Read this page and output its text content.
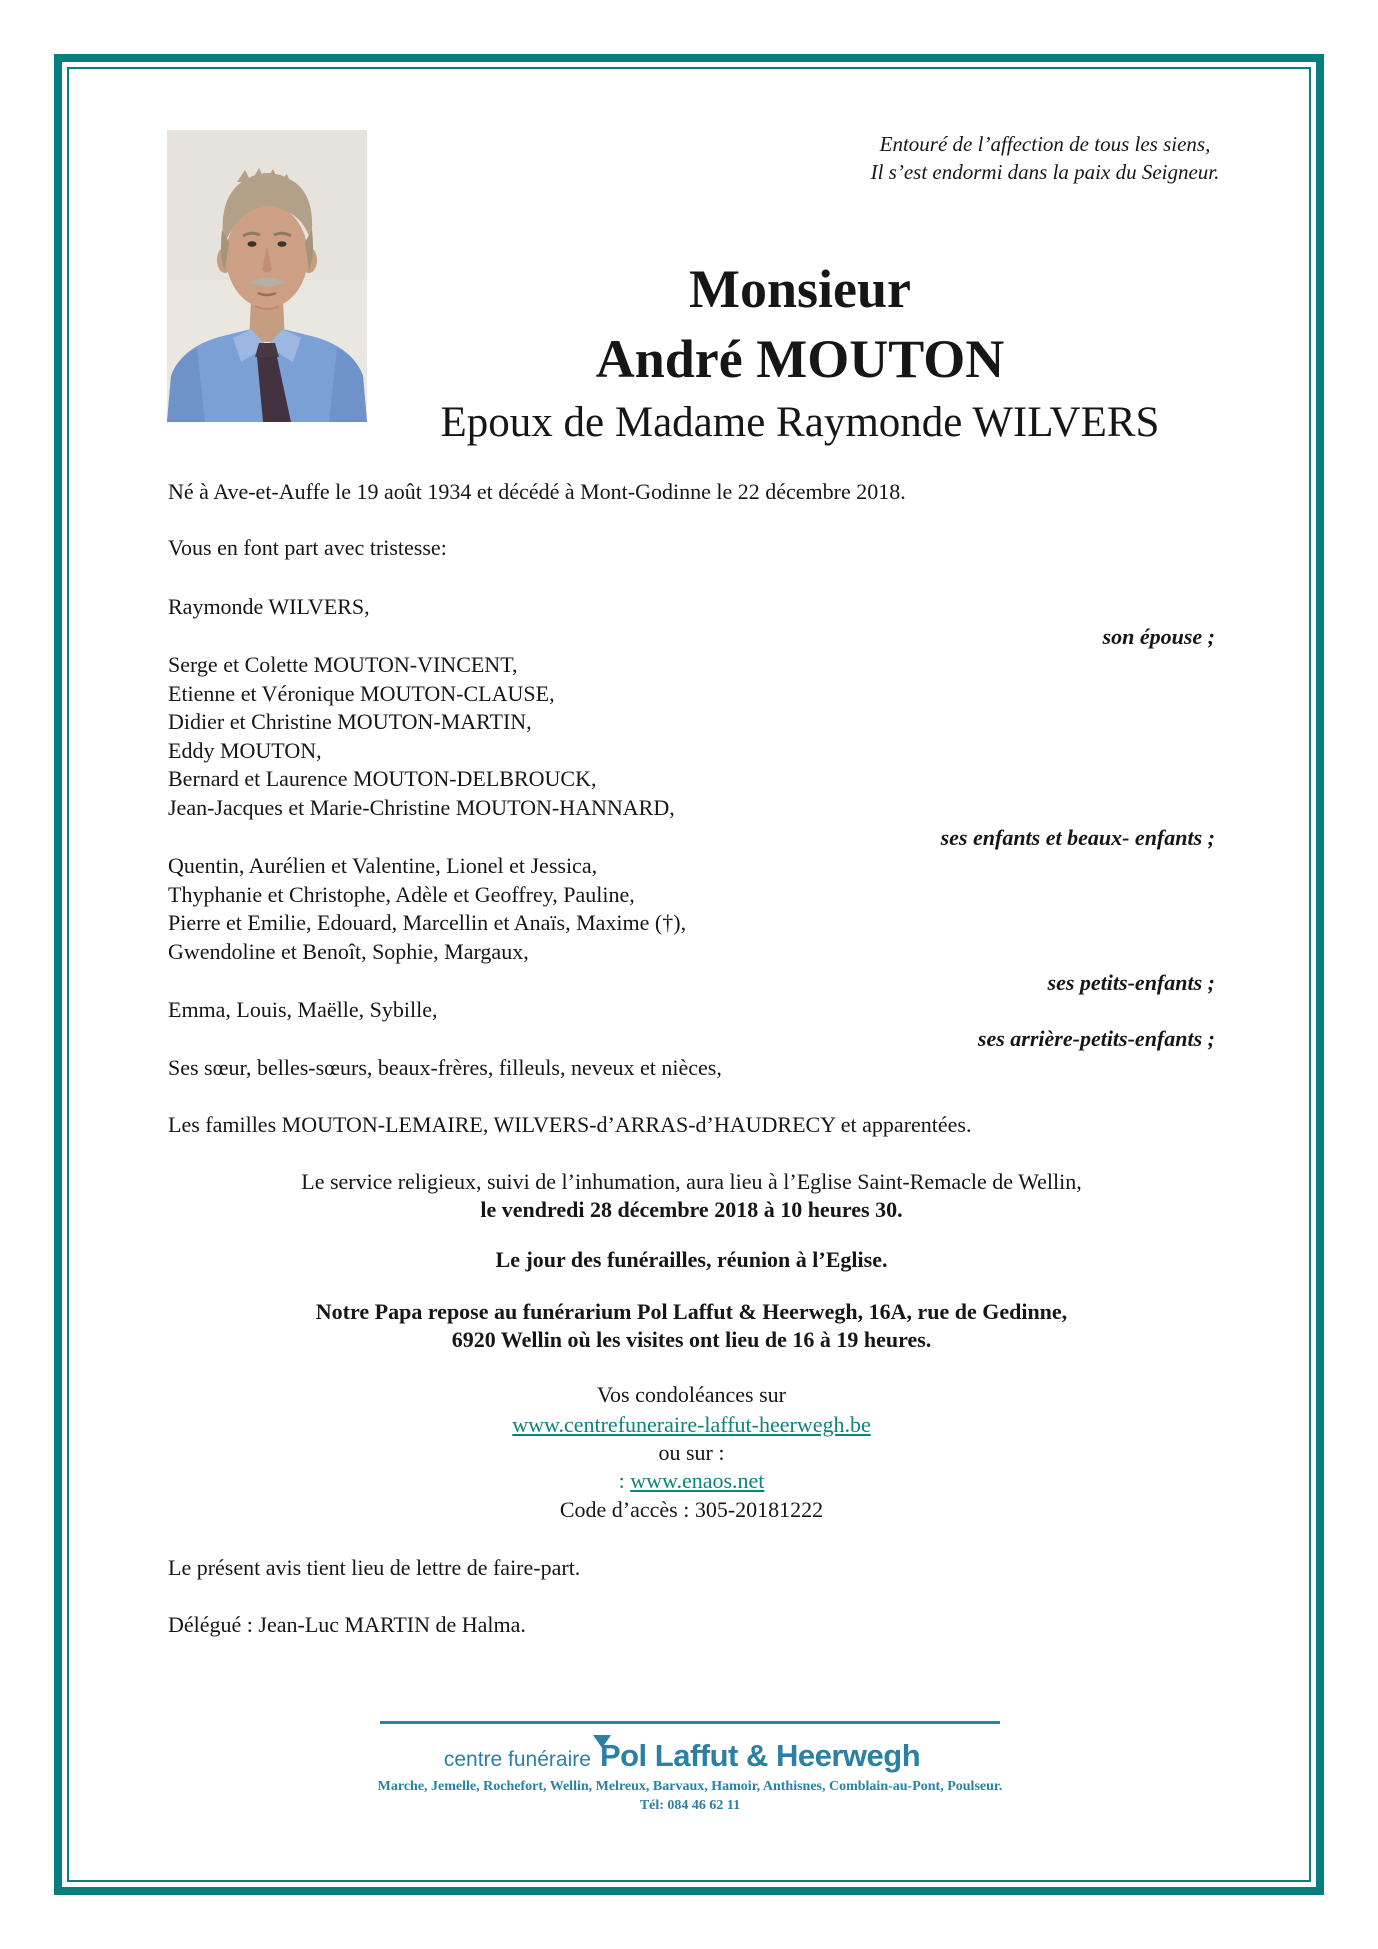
Entouré de l’affection de tous les siens,
Il s’est endormi dans la paix du Seigneur.
Monsieur
André MOUTON
Epoux de Madame Raymonde WILVERS

Né à Ave-et-Auffe le 19 août 1934 et décédé à Mont-Godinne le 22 décembre 2018.

Vous en font part avec tristesse:

Raymonde WILVERS,

son épouse ;

Serge et Colette MOUTON-VINCENT,
Etienne et Véronique MOUTON-CLAUSE,
Didier et Christine MOUTON-MARTIN,
Eddy MOUTON,
Bernard et Laurence MOUTON-DELBROUCK,
Jean-Jacques et Marie-Christine MOUTON-HANNARD,

ses enfants et beaux- enfants ;

Quentin, Aurélien et Valentine, Lionel et Jessica,
Thyphanie et Christophe, Adèle et Geoffrey, Pauline,
Pierre et Emilie, Edouard, Marcellin et Anaïs, Maxime (†),
Gwendoline et Benoît, Sophie, Margaux,

ses petits-enfants ;

Emma, Louis, Maëlle, Sybille,

ses arrière-petits-enfants ;

Ses sœur, belles-sœurs, beaux-frères, filleuls, neveux et nièces,

Les familles MOUTON-LEMAIRE, WILVERS-d’ARRAS-d’HAUDRECY et apparentées.

Le service religieux, suivi de l’inhumation, aura lieu à l’Eglise Saint-Remacle de Wellin,

le vendredi 28 décembre 2018 à 10 heures 30.

Le jour des funérailles, réunion à l’Eglise.

Notre Papa repose au funérarium Pol Laffut & Heerwegh, 16A, rue de Gedinne,

6920 Wellin où les visites ont lieu de 16 à 19 heures.

Vos condoléances sur

www.centrefuneraire-laffut-heerwegh.be

ou sur :

: www.enaos.net

Code d’accès : 305-20181222

Le présent avis tient lieu de lettre de faire-part.

Délégué : Jean-Luc MARTIN de Halma.

centre funéraire Pol Laffut & Heerwegh
Marche, Jemelle, Rochefort, Wellin, Melreux, Barvaux, Hamoir, Anthisnes, Comblain-au-Pont, Poulseur.
Tél: 084 46 62 11
